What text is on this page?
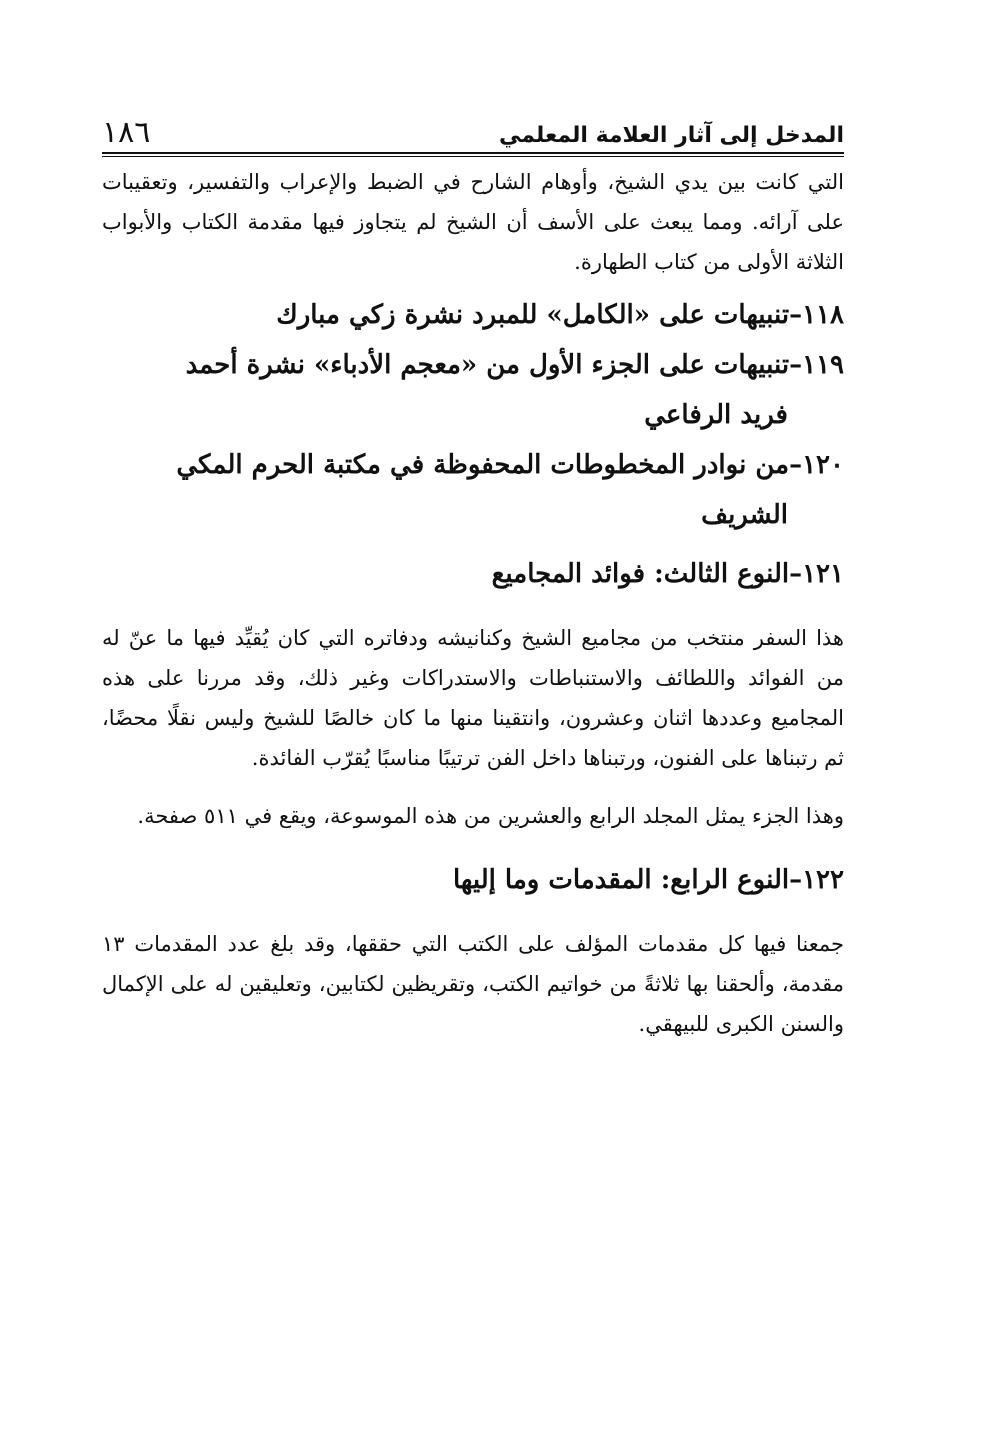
١٨٦	المدخل إلى آثار العلامة المعلمي

التي كانت بين يدي الشيخ، وأوهام الشارح في الضبط والإعراب والتفسير، وتعقيبات على آرائه. ومما يبعث على الأسف أن الشيخ لم يتجاوز فيها مقدمة الكتاب والأبواب الثلاثة الأولى من كتاب الطهارة.

١١٨–تنبيهات على «الكامل» للمبرد نشرة زكي مبارك

١١٩–تنبيهات على الجزء الأول من «معجم الأدباء» نشرة أحمد
فريد الرفاعي

١٢٠–من نوادر المخطوطات المحفوظة في مكتبة الحرم المكي
الشريف

١٢١–النوع الثالث: فوائد المجاميع

هذا السفر منتخب من مجاميع الشيخ وكنانيشه ودفاتره التي كان يُقيِّد فيها ما عنّ له من الفوائد واللطائف والاستنباطات والاستدراكات وغير ذلك، وقد مررنا على هذه المجاميع وعددها اثنان وعشرون، وانتقينا منها ما كان خالصًا للشيخ وليس نقلًا محضًا، ثم رتبناها على الفنون، ورتبناها داخل الفن ترتيبًا مناسبًا يُقرّب الفائدة.

وهذا الجزء يمثل المجلد الرابع والعشرين من هذه الموسوعة، ويقع في ٥١١ صفحة.

١٢٢–النوع الرابع: المقدمات وما إليها

جمعنا فيها كل مقدمات المؤلف على الكتب التي حققها، وقد بلغ عدد المقدمات ١٣ مقدمة، وألحقنا بها ثلاثةً من خواتيم الكتب، وتقريظين لكتابين، وتعليقين له على الإكمال والسنن الكبرى للبيهقي.
